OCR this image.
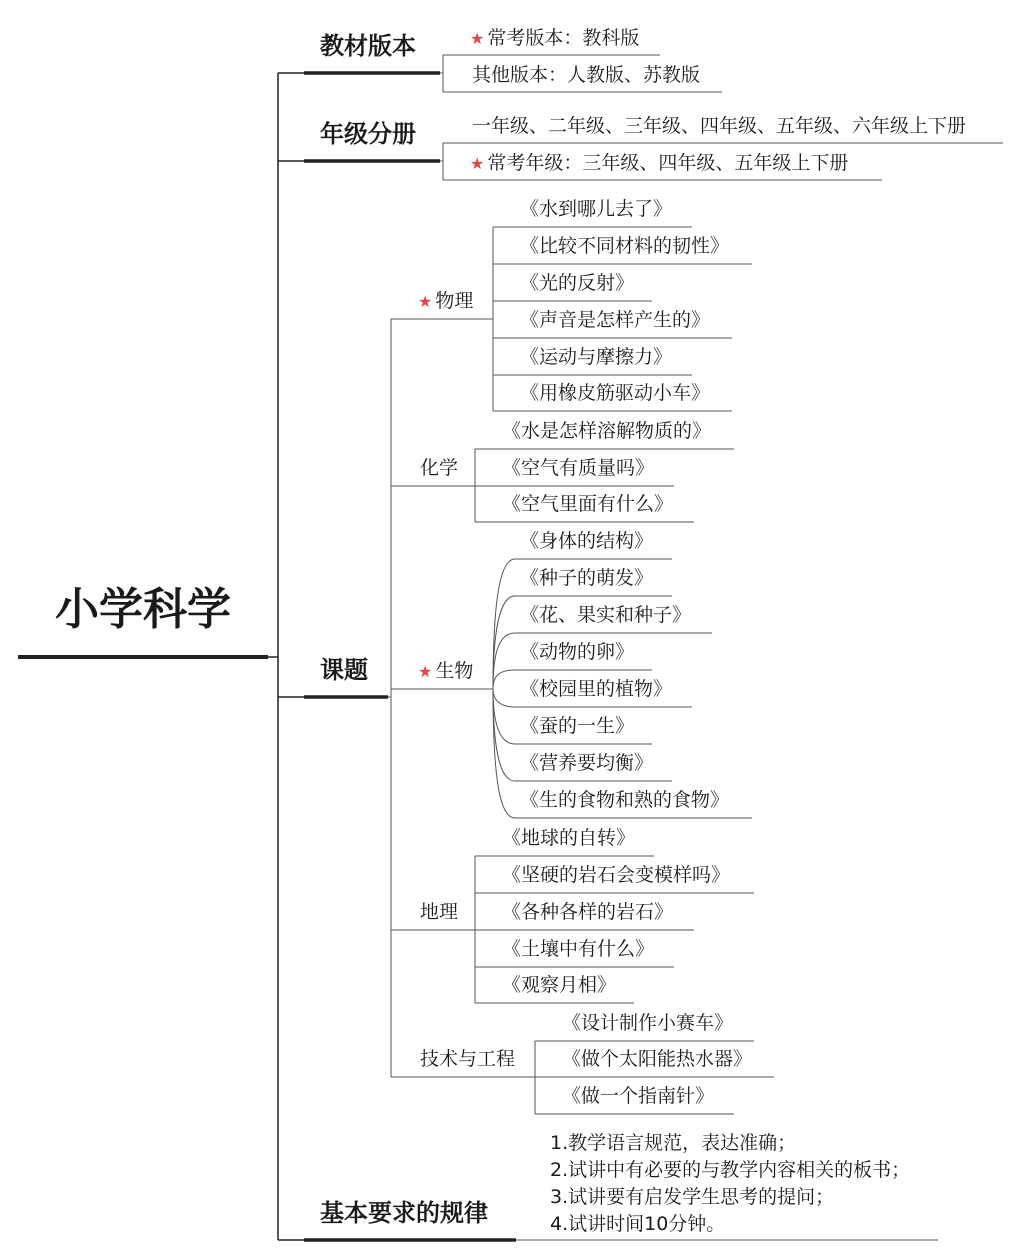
小学科学
教材版本
年级分册
课题
基本要求的规律
★ 常考版本：教科版
其他版本：人教版、苏教版
一年级、二年级、三年级、四年级、五年级、六年级上下册
★ 常考年级：三年级、四年级、五年级上下册
★ 物理
化学
★ 生物
地理
技术与工程
《水到哪儿去了》
《比较不同材料的韧性》
《光的反射》
《声音是怎样产生的》
《运动与摩擦力》
《用橡皮筋驱动小车》
《水是怎样溶解物质的》
《空气有质量吗》
《空气里面有什么》
《身体的结构》
《种子的萌发》
《花、果实和种子》
《动物的卵》
《校园里的植物》
《蚕的一生》
《营养要均衡》
《生的食物和熟的食物》
《地球的自转》
《坚硬的岩石会变模样吗》
《各种各样的岩石》
《土壤中有什么》
《观察月相》
《设计制作小赛车》
《做个太阳能热水器》
《做一个指南针》
1.教学语言规范，表达准确；
2.试讲中有必要的与教学内容相关的板书；
3.试讲要有启发学生思考的提问；
4.试讲时间10分钟。
